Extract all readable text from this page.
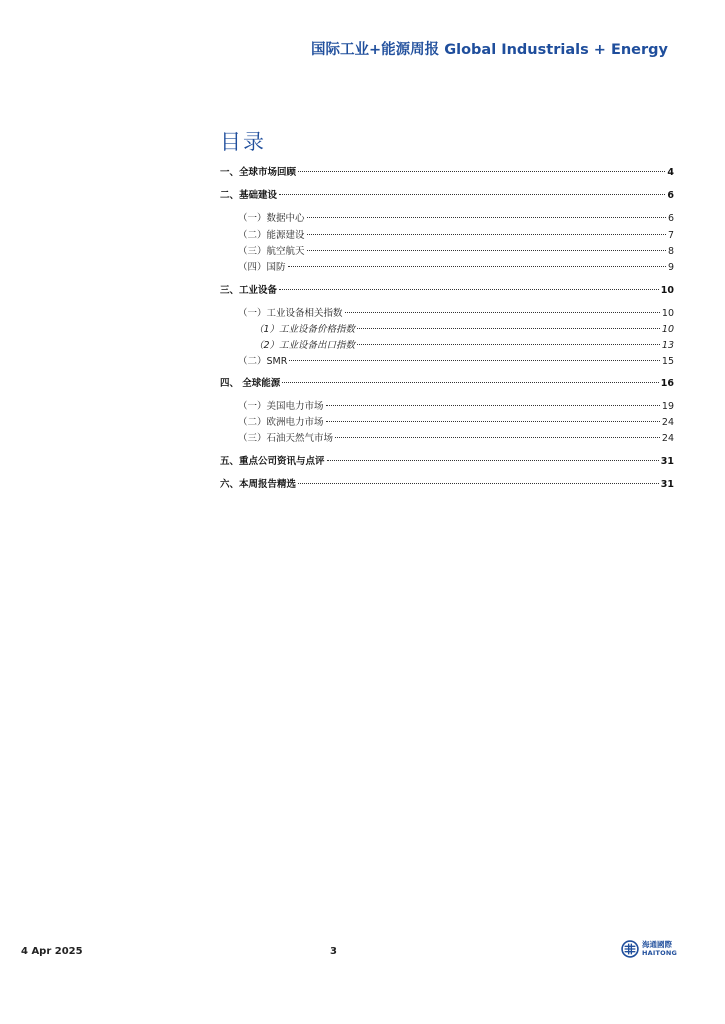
国际工业+能源周报 Global Industrials + Energy
目录
一、全球市场回顾	4
二、基础建设	6
（一）数据中心	6
（二）能源建设	7
（三）航空航天	8
（四）国防	9
三、工业设备	10
（一）工业设备相关指数	10
（1）工业设备价格指数	10
（2）工业设备出口指数	13
（二）SMR	15
四、 全球能源	16
（一）美国电力市场	19
（二）欧洲电力市场	24
（三）石油天然气市场	24
五、重点公司资讯与点评	31
六、本周报告精选	31
4 Apr 2025	3
海通國際
HAITONG
